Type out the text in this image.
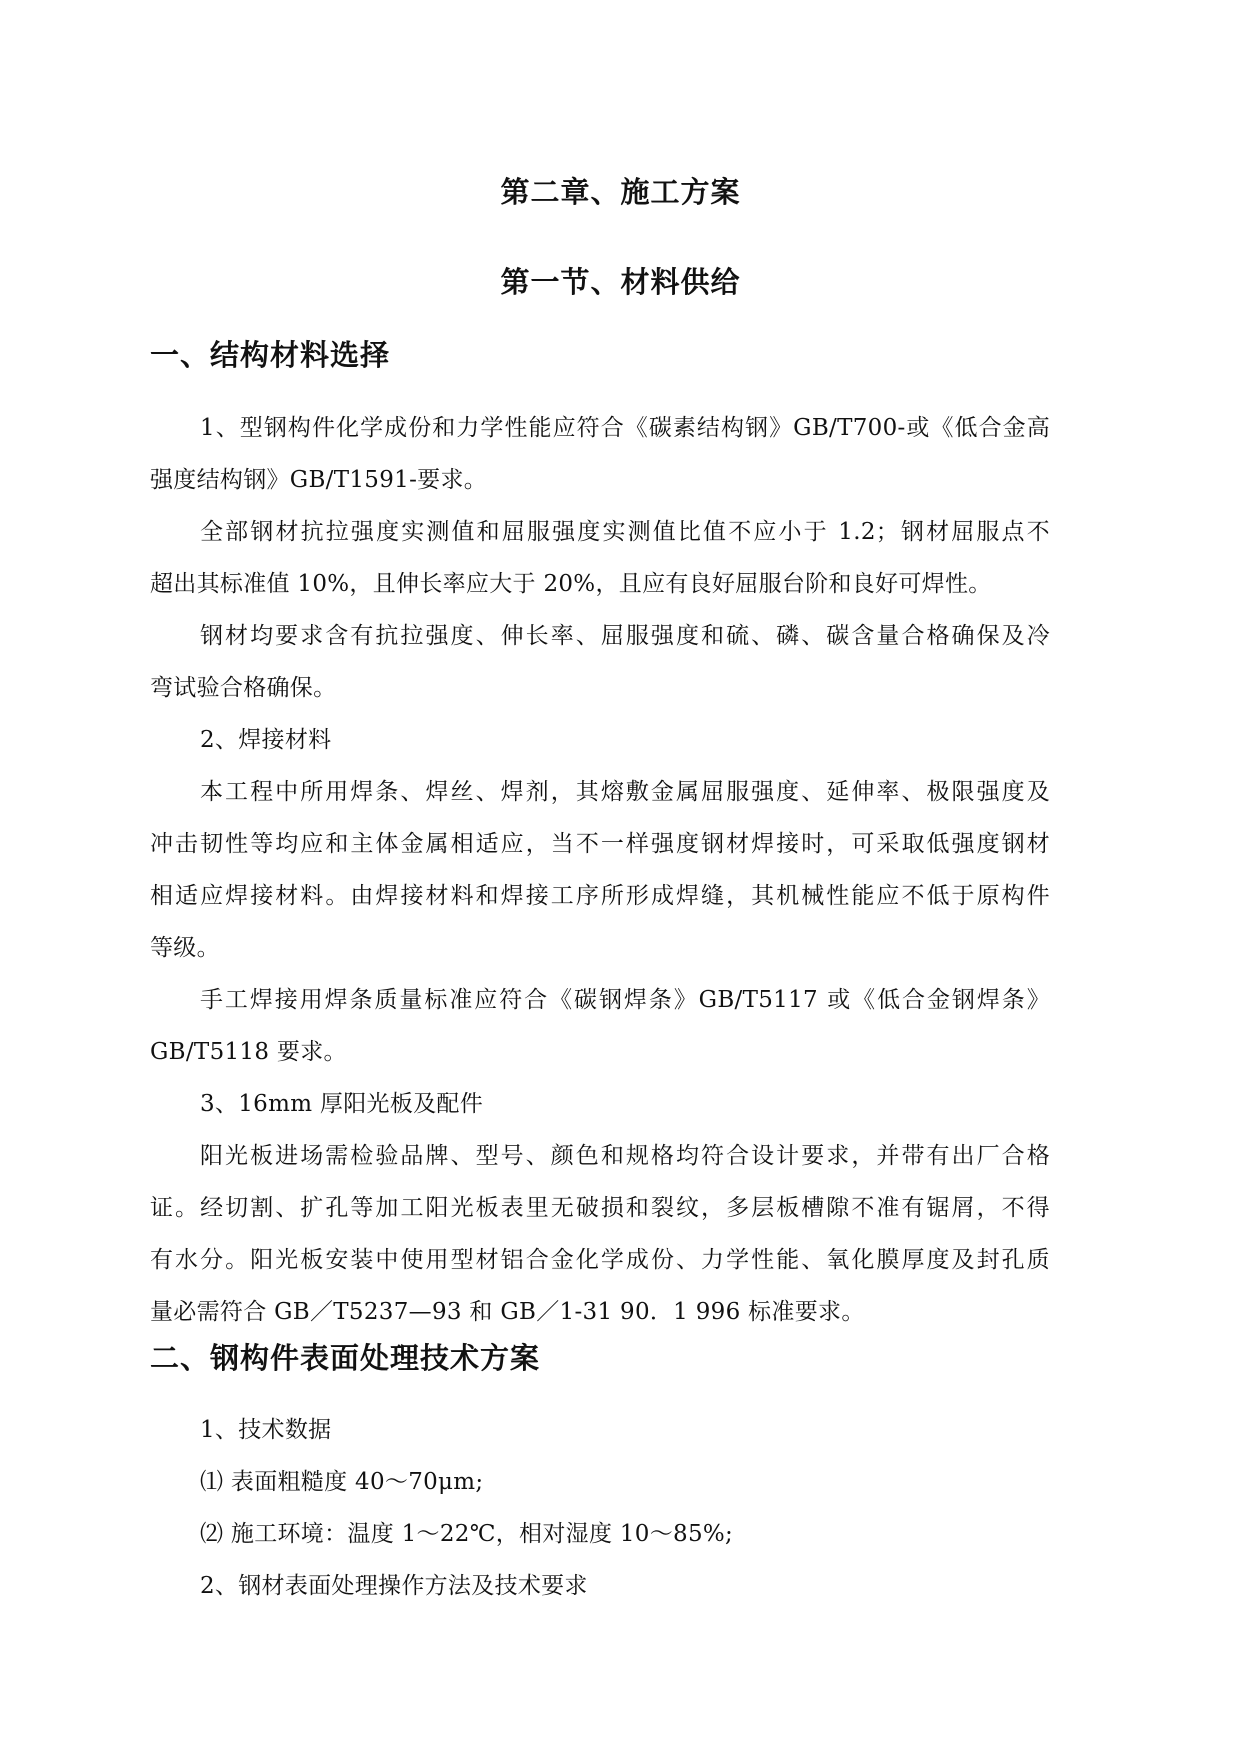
第二章、施工方案
第一节、材料供给
一、结构材料选择
1、型钢构件化学成份和力学性能应符合《碳素结构钢》GB/T700-或《低合金高
强度结构钢》GB/T1591-要求。
全部钢材抗拉强度实测值和屈服强度实测值比值不应小于 1.2；钢材屈服点不
超出其标准值 10%，且伸长率应大于 20%，且应有良好屈服台阶和良好可焊性。
钢材均要求含有抗拉强度、伸长率、屈服强度和硫、磷、碳含量合格确保及冷
弯试验合格确保。
2、焊接材料
本工程中所用焊条、焊丝、焊剂，其熔敷金属屈服强度、延伸率、极限强度及
冲击韧性等均应和主体金属相适应，当不一样强度钢材焊接时，可采取低强度钢材
相适应焊接材料。由焊接材料和焊接工序所形成焊缝，其机械性能应不低于原构件
等级。
手工焊接用焊条质量标准应符合《碳钢焊条》GB/T5117 或《低合金钢焊条》
GB/T5118 要求。
3、16mm 厚阳光板及配件
阳光板进场需检验品牌、型号、颜色和规格均符合设计要求，并带有出厂合格
证。经切割、扩孔等加工阳光板表里无破损和裂纹，多层板槽隙不准有锯屑，不得
有水分。阳光板安装中使用型材铝合金化学成份、力学性能、氧化膜厚度及封孔质
量必需符合 GB／T5237—93 和 GB／1-31 90．1 996 标准要求。
二、钢构件表面处理技术方案
1、技术数据
⑴ 表面粗糙度 40～70μm;
⑵ 施工环境：温度 1～22℃，相对湿度 10～85%;
2、钢材表面处理操作方法及技术要求
